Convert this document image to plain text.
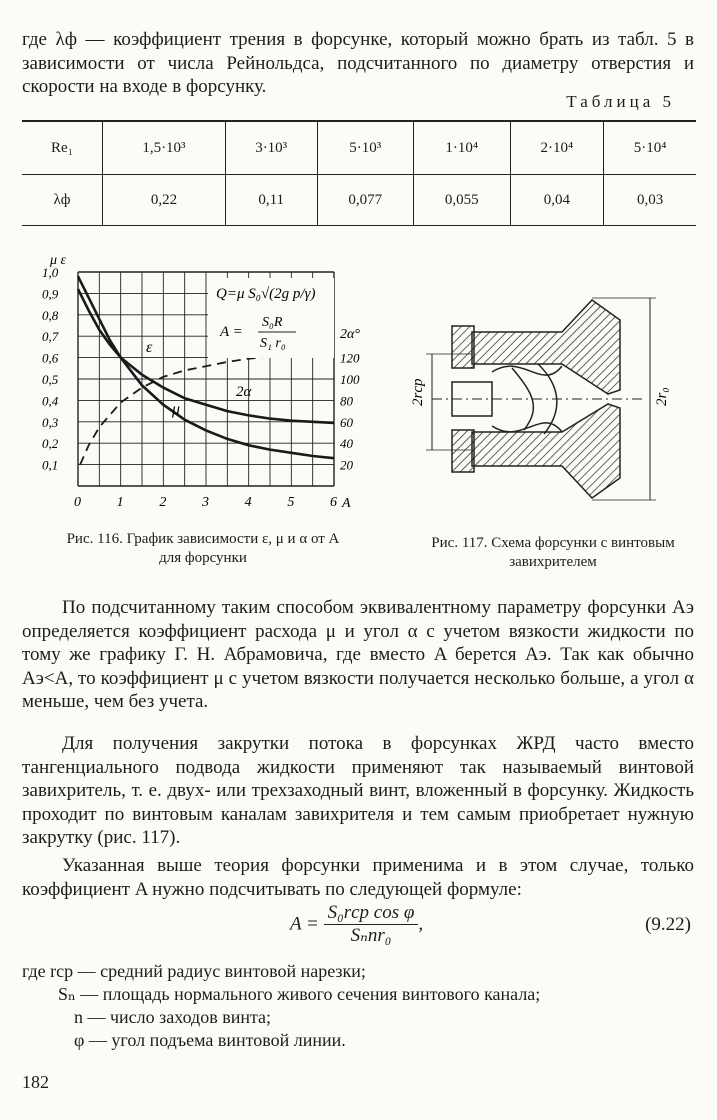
где λф — коэффициент трения в форсунке, который можно брать из табл. 5 в зависимости от числа Рейнольдса, подсчитанного по диаметру отверстия и скорости на входе в форсунку.

Таблица 5
Re₁	1,5·10³	3·10³	5·10³	1·10⁴	2·10⁴	5·10⁴
λф	0,22	0,11	0,077	0,055	0,04	0,03
0	1	2	3	4	5	6
0,1
0,2
0,3
0,4
0,5
0,6
0,7
0,8
0,9
1,0
20
40
60
80
100
120
μ ε
2α°
A
Q=μ S₀√(2g p/γ)
A =
S₀R
S₁ r₀
ε
μ
2α
Рис. 116. График зависимости ε, μ и α от A для форсунки
2rср	2r₀
Рис. 117. Схема форсунки с винтовым завихрителем

По подсчитанному таким способом эквивалентному параметру форсунки Aэ определяется коэффициент расхода μ и угол α с учетом вязкости жидкости по тому же графику Г. Н. Абрамовича, где вместо A берется Aэ. Так как обычно Aэ<A, то коэффициент μ с учетом вязкости получается несколько больше, а угол α меньше, чем без учета.

Для получения закрутки потока в форсунках ЖРД часто вместо тангенциального подвода жидкости применяют так называемый винтовой завихритель, т. е. двух- или трехзаходный винт, вложенный в форсунку. Жидкость проходит по винтовым каналам завихрителя и тем самым приобретает нужную закрутку (рис. 117).

Указанная выше теория форсунки применима и в этом случае, только коэффициент A нужно подсчитывать по следующей формуле:

$A = \frac{\text{S₀rср cos φ}}{\text{Sₙnr₀}}$ ,	(9.22)
где rср — средний радиус винтовой нарезки;
Sₙ — площадь нормального живого сечения винтового канала;
n — число заходов винта;
φ — угол подъема винтовой линии.
182
